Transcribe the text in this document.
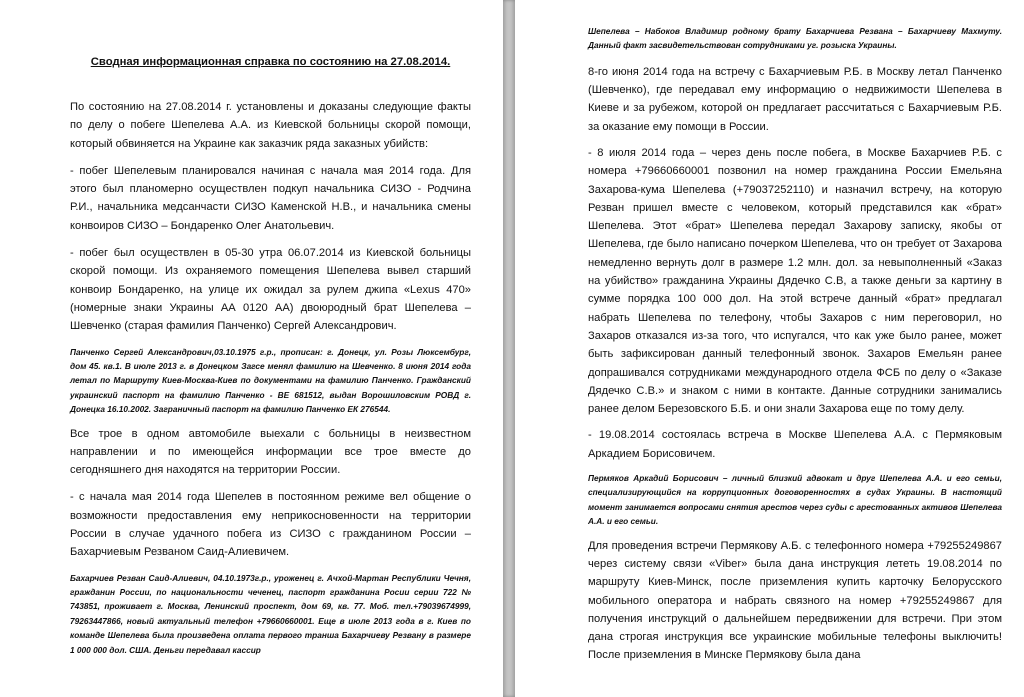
Сводная информационная справка по состоянию на 27.08.2014.

По состоянию на 27.08.2014 г. установлены и доказаны следующие факты по делу о побеге Шепелева А.А. из Киевской больницы скорой помощи, который обвиняется на Украине как заказчик ряда заказных убийств:

- побег Шепелевым планировался начиная с начала мая 2014 года. Для этого был планомерно осуществлен подкуп начальника СИЗО - Родчина Р.И., начальника медсанчасти СИЗО Каменской Н.В., и начальника смены конвоиров СИЗО – Бондаренко Олег Анатольевич.

- побег был осуществлен в 05-30 утра 06.07.2014 из Киевской больницы скорой помощи. Из охраняемого помещения Шепелева вывел старший конвоир Бондаренко, на улице их ожидал за рулем джипа «Lexus 470» (номерные знаки Украины АА 0120 АА) двоюродный брат Шепелева – Шевченко (старая фамилия Панченко) Сергей Александрович.

Панченко Сергей Александрович,03.10.1975 г.р., прописан: г. Донецк, ул. Розы Люксембург, дом 45. кв.1. В июле 2013 г. в Донецком Загсе менял фамилию на Шевченко. 8 июня 2014 года летал по Маршруту Киев-Москва-Киев по документами на фамилию Панченко. Гражданский украинский паспорт на фамилию Панченко - ВЕ 681512, выдан Ворошиловским РОВД г. Донецка 16.10.2002. Заграничный паспорт на фамилию Панченко ЕК 276544.

Все трое в одном автомобиле выехали с больницы в неизвестном направлении и по имеющейся информации все трое вместе до сегодняшнего дня находятся на территории России.

- с начала мая 2014 года Шепелев в постоянном режиме вел общение о возможности предоставления ему неприкосновенности на территории России в случае удачного побега из СИЗО с гражданином России – Бахарчиевым Резваном Саид-Алиевичем.

Бахарчиев Резван Саид-Алиевич, 04.10.1973г.р., уроженец г. Ачхой-Мартан Республики Чечня, гражданин России, по национальности чеченец, паспорт гражданина Росии серии 722 № 743851, проживает г. Москва, Ленинский проспект, дом 69, кв. 77. Моб. тел.+79039674999, 79263447866, новый актуальный телефон +79660660001. Еще в июле 2013 года в г. Киев по команде Шепелева была произведена оплата первого транша Бахарчиеву Резвану в размере 1 000 000 дол. США. Деньги передавал кассир

Шепелева – Набоков Владимир родному брату Бахарчиева Резвана – Бахарчиеву Махмуту. Данный факт засвидетельствован сотрудниками уг. розыска Украины.

8-го июня 2014 года на встречу с Бахарчиевым Р.Б. в Москву летал Панченко (Шевченко), где передавал ему информацию о недвижимости Шепелева в Киеве и за рубежом, которой он предлагает рассчитаться с Бахарчиевым Р.Б. за оказание ему помощи в России.

- 8 июля 2014 года – через день после побега, в Москве Бахарчиев Р.Б. с номера +79660660001 позвонил на номер гражданина России Емельяна Захарова-кума Шепелева (+79037252110) и назначил встречу, на которую Резван пришел вместе с человеком, который представился как «брат» Шепелева. Этот «брат» Шепелева передал Захарову записку, якобы от Шепелева, где было написано почерком Шепелева, что он требует от Захарова немедленно вернуть долг в размере 1.2 млн. дол. за невыполненный «Заказ на убийство» гражданина Украины Дядечко С.В, а также деньги за картину в сумме порядка 100 000 дол. На этой встрече данный «брат» предлагал набрать Шепелева по телефону, чтобы Захаров с ним переговорил, но Захаров отказался из-за того, что испугался, что как уже было ранее, может быть зафиксирован данный телефонный звонок. Захаров Емельян ранее допрашивался сотрудниками международного отдела ФСБ по делу о «Заказе Дядечко С.В.» и знаком с ними в контакте. Данные сотрудники занимались ранее делом Березовского Б.Б. и они знали Захарова еще по тому делу.

- 19.08.2014 состоялась встреча в Москве Шепелева А.А. с Пермяковым Аркадием Борисовичем.

Пермяков Аркадий Борисович – личный близкий адвокат и друг Шепелева А.А. и его семьи, специализирующийся на коррупционных договоренностях в судах Украины. В настоящий момент занимается вопросами снятия арестов через суды с арестованных активов Шепелева А.А. и его семьи.

Для проведения встречи Пермякову А.Б. с телефонного номера +79255249867 через систему связи «Viber» была дана инструкция лететь 19.08.2014 по маршруту Киев-Минск, после приземления купить карточку Белорусского мобильного оператора и набрать связного на номер +79255249867 для получения инструкций о дальнейшем передвижении для встречи. При этом дана строгая инструкция все украинские мобильные телефоны выключить! После приземления в Минске Пермякову была дана
